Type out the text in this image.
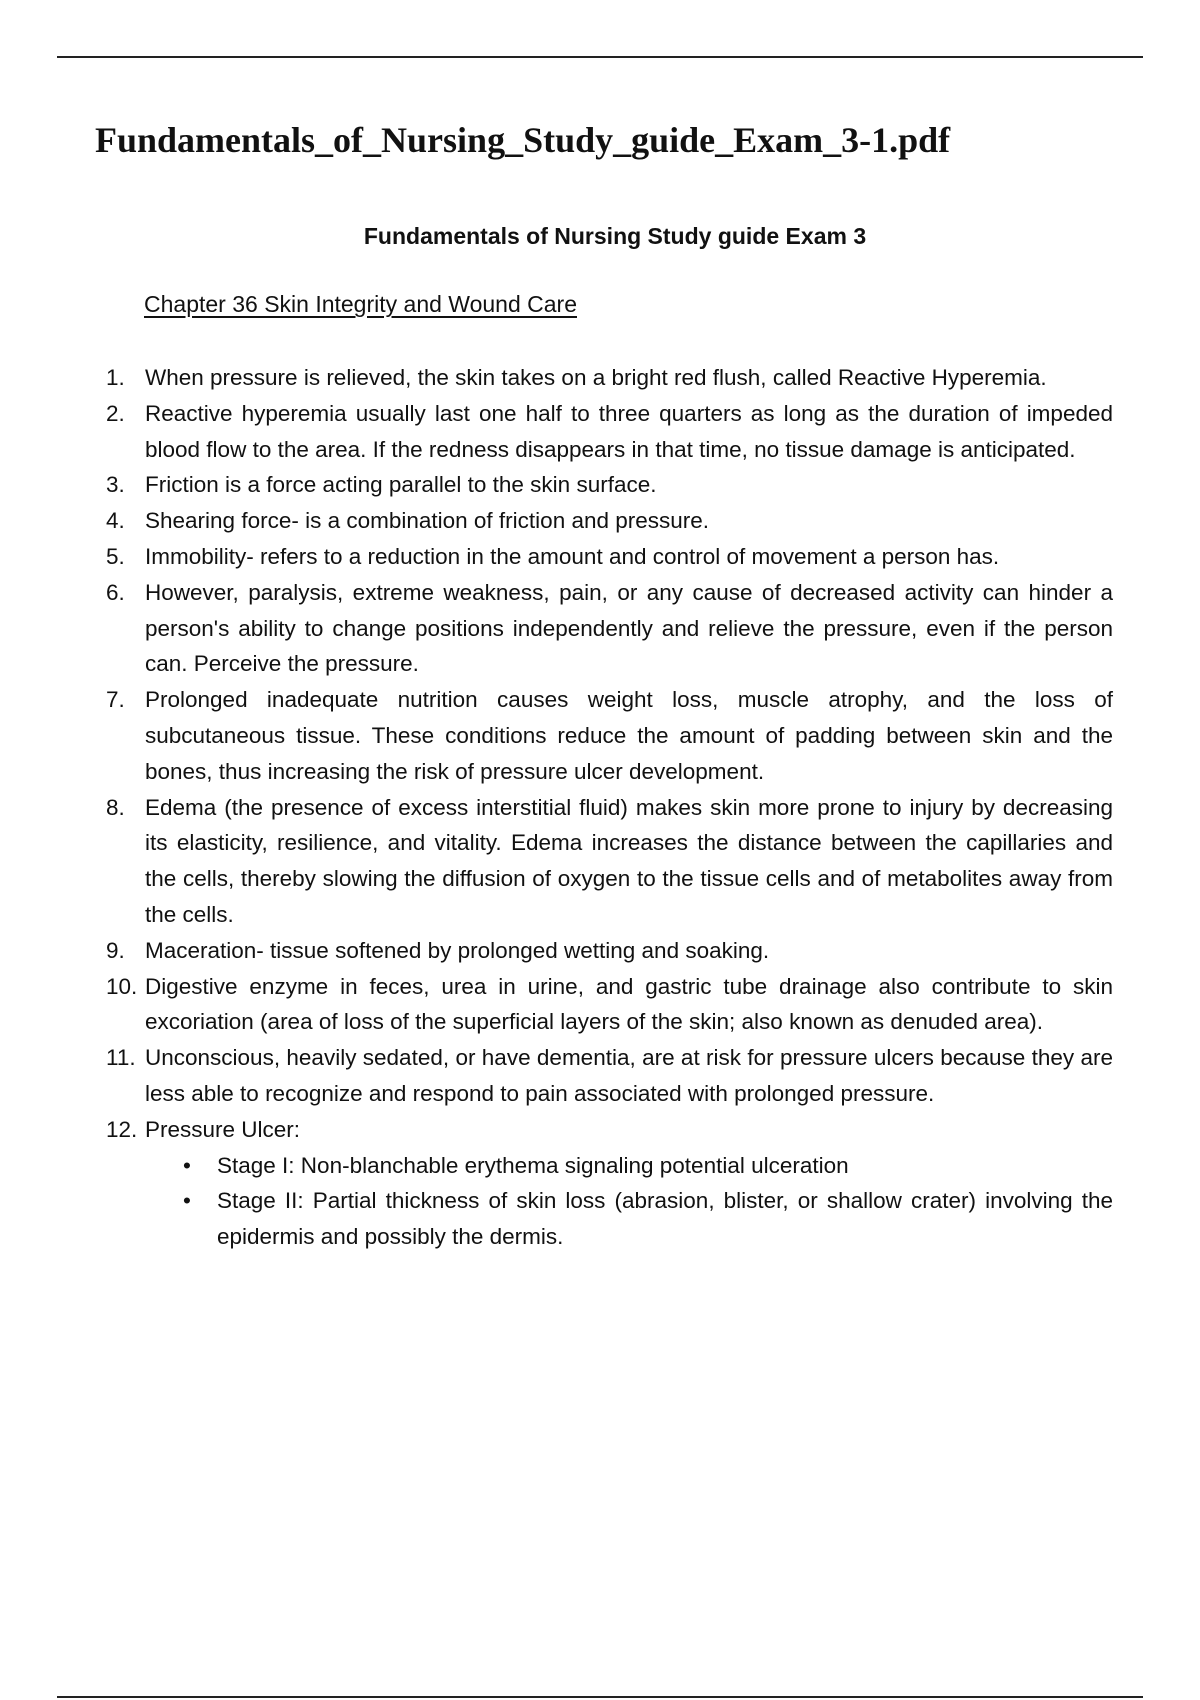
Fundamentals_of_Nursing_Study_guide_Exam_3-1.pdf
Fundamentals of Nursing Study guide Exam 3

Chapter 36 Skin Integrity and Wound Care

1. When pressure is relieved, the skin takes on a bright red flush, called Reactive Hyperemia.
2. Reactive hyperemia usually last one half to three quarters as long as the duration of impeded blood flow to the area. If the redness disappears in that time, no tissue damage is anticipated.
3. Friction is a force acting parallel to the skin surface.
4. Shearing force- is a combination of friction and pressure.
5. Immobility- refers to a reduction in the amount and control of movement a person has.
6. However, paralysis, extreme weakness, pain, or any cause of decreased activity can hinder a person's ability to change positions independently and relieve the pressure, even if the person can. Perceive the pressure.
7. Prolonged inadequate nutrition causes weight loss, muscle atrophy, and the loss of subcutaneous tissue. These conditions reduce the amount of padding between skin and the bones, thus increasing the risk of pressure ulcer development.
8. Edema (the presence of excess interstitial fluid) makes skin more prone to injury by decreasing its elasticity, resilience, and vitality. Edema increases the distance between the capillaries and the cells, thereby slowing the diffusion of oxygen to the tissue cells and of metabolites away from the cells.
9. Maceration- tissue softened by prolonged wetting and soaking.
10. Digestive enzyme in feces, urea in urine, and gastric tube drainage also contribute to skin excoriation (area of loss of the superficial layers of the skin; also known as denuded area).
11. Unconscious, heavily sedated, or have dementia, are at risk for pressure ulcers because they are less able to recognize and respond to pain associated with prolonged pressure.
12. Pressure Ulcer:
• Stage I: Non-blanchable erythema signaling potential ulceration
• Stage II: Partial thickness of skin loss (abrasion, blister, or shallow crater) involving the epidermis and possibly the dermis.
